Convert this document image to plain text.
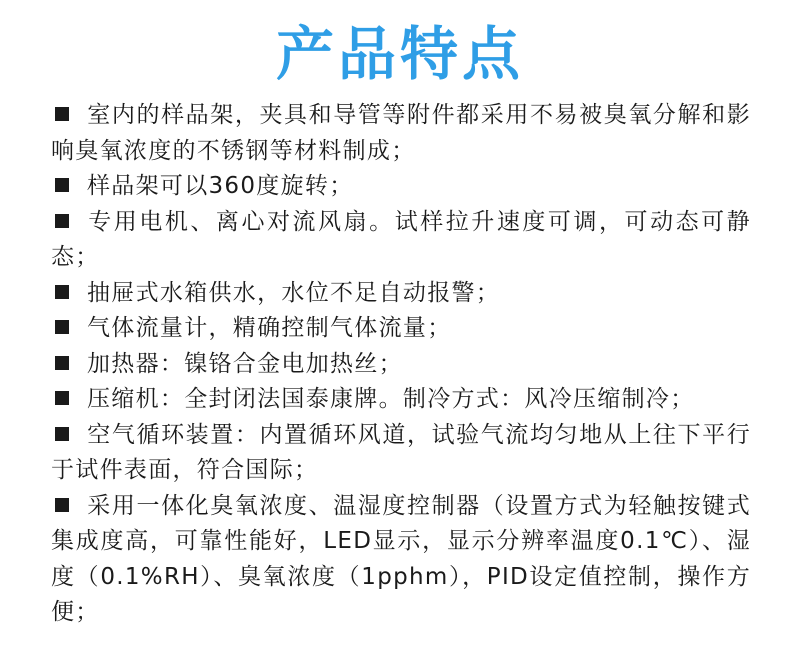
产品特点
室内的样品架，夹具和导管等附件都采用不易被臭氧分解和影响臭氧浓度的不锈钢等材料制成；
样品架可以360度旋转；
专用电机、离心对流风扇。试样拉升速度可调，可动态可静态；
抽屉式水箱供水，水位不足自动报警；
气体流量计，精确控制气体流量；
加热器：镍铬合金电加热丝；
压缩机：全封闭法国泰康牌。制冷方式：风冷压缩制冷；
空气循环装置：内置循环风道，试验气流均匀地从上往下平行于试件表面，符合国际；
采用一体化臭氧浓度、温湿度控制器（设置方式为轻触按键式集成度高，可靠性能好，LED显示，显示分辨率温度0.1℃）、湿度（0.1%RH）、臭氧浓度（1pphm），PID设定值控制，操作方便；
